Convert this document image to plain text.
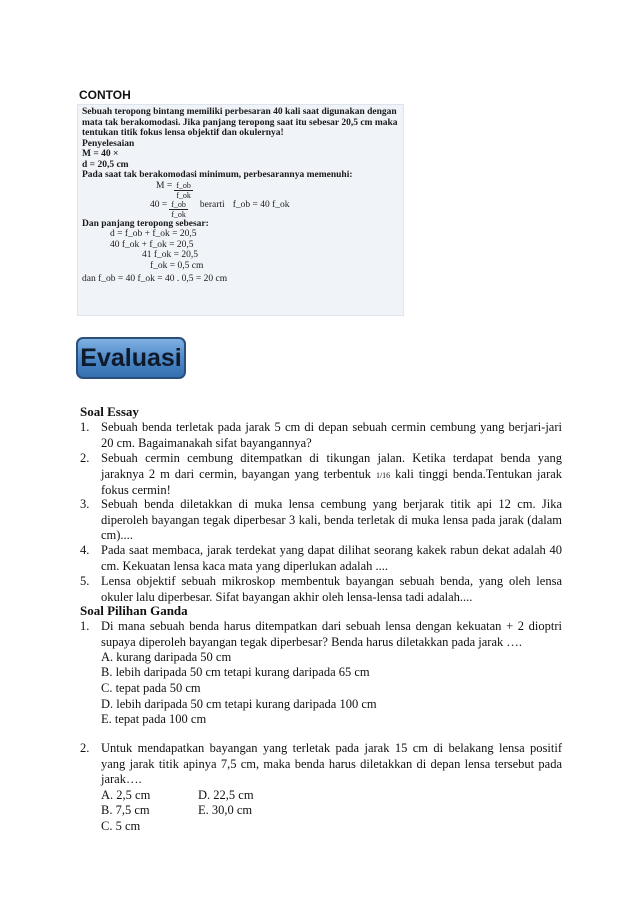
CONTOH
Sebuah teropong bintang memiliki perbesaran 40 kali saat digunakan dengan mata tak berakomodasi. Jika panjang teropong saat itu sebesar 20,5 cm maka tentukan titik fokus lensa objektif dan okulernya!
Penyelesaian
M = 40 ×
d = 20,5 cm
Pada saat tak berakomodasi minimum, perbesarannya memenuhi:
$M = \frac{f\_ob}{f\_ok}$
$40 = \frac{f\_ob}{f\_ok}$ berarti f_ob = 40 f_ok
Dan panjang teropong sebesar:
d = f_ob + f_ok = 20,5
40 f_ok + f_ok = 20,5
41 f_ok = 20,5
f_ok = 0,5 cm
dan f_ob = 40 f_ok = 40 . 0,5 = 20 cm
Evaluasi
Soal Essay
1. Sebuah benda terletak pada jarak 5 cm di depan sebuah cermin cembung yang berjari-jari 20 cm. Bagaimanakah sifat bayangannya?
2. Sebuah cermin cembung ditempatkan di tikungan jalan. Ketika terdapat benda yang jaraknya 2 m dari cermin, bayangan yang terbentuk 1/16 kali tinggi benda.Tentukan jarak fokus cermin!
3. Sebuah benda diletakkan di muka lensa cembung yang berjarak titik api 12 cm. Jika diperoleh bayangan tegak diperbesar 3 kali, benda terletak di muka lensa pada jarak (dalam cm)....
4. Pada saat membaca, jarak terdekat yang dapat dilihat seorang kakek rabun dekat adalah 40 cm. Kekuatan lensa kaca mata yang diperlukan adalah ....
5. Lensa objektif sebuah mikroskop membentuk bayangan sebuah benda, yang oleh lensa okuler lalu diperbesar. Sifat bayangan akhir oleh lensa-lensa tadi adalah....
Soal Pilihan Ganda
1. Di mana sebuah benda harus ditempatkan dari sebuah lensa dengan kekuatan + 2 dioptri supaya diperoleh bayangan tegak diperbesar? Benda harus diletakkan pada jarak ….
A. kurang daripada 50 cm
B. lebih daripada 50 cm tetapi kurang daripada 65 cm
C. tepat pada 50 cm
D. lebih daripada 50 cm tetapi kurang daripada 100 cm
E. tepat pada 100 cm
2. Untuk mendapatkan bayangan yang terletak pada jarak 15 cm di belakang lensa positif yang jarak titik apinya 7,5 cm, maka benda harus diletakkan di depan lensa tersebut pada jarak….
A. 2,5 cm
B. 7,5 cm
C. 5 cm
D. 22,5 cm
E. 30,0 cm
